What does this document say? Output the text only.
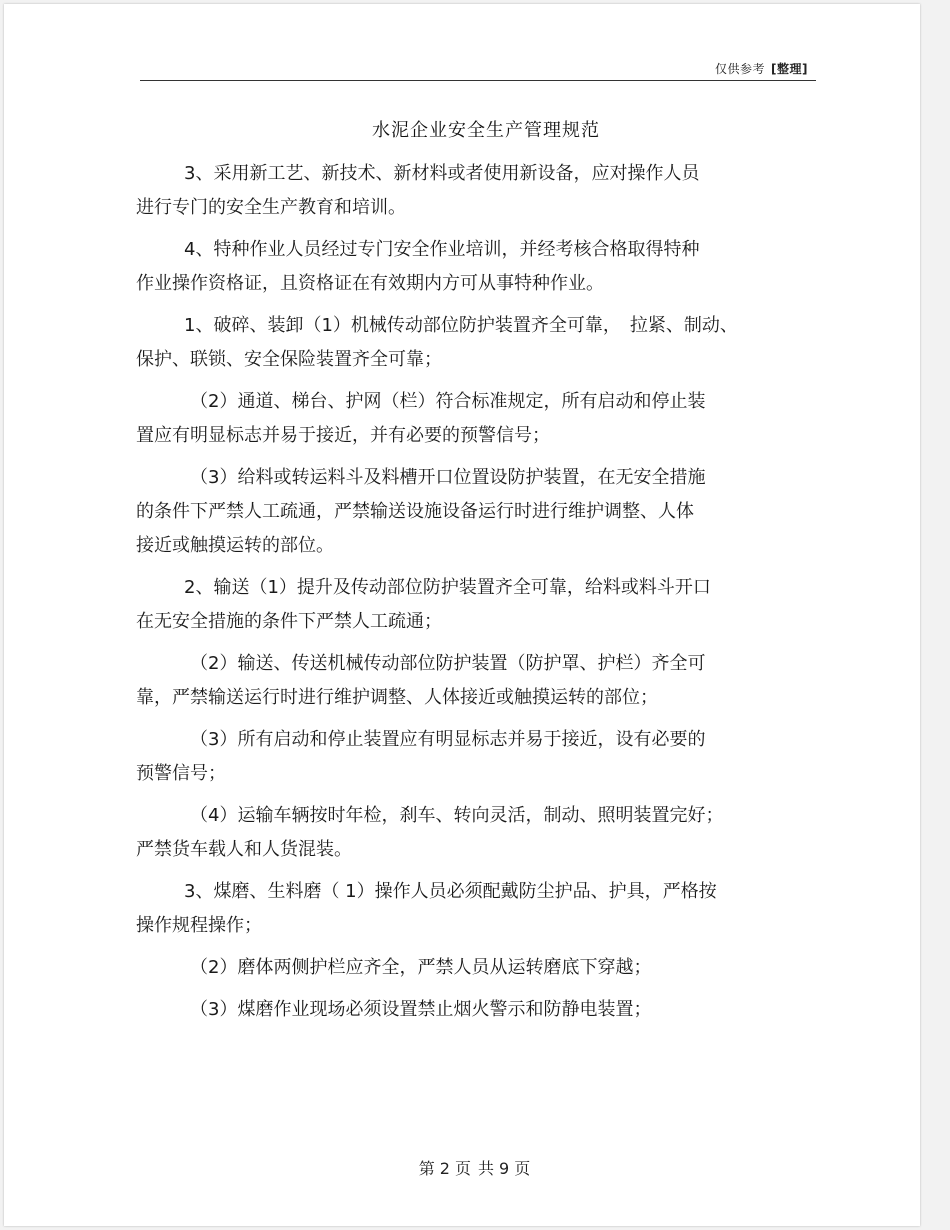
仅供参考 [整理]
水泥企业安全生产管理规范
3、采用新工艺、新技术、新材料或者使用新设备，应对操作人员
进行专门的安全生产教育和培训。
4、特种作业人员经过专门安全作业培训，并经考核合格取得特种
作业操作资格证，且资格证在有效期内方可从事特种作业。
1、破碎、装卸（1）机械传动部位防护装置齐全可靠，　拉紧、制动、
保护、联锁、安全保险装置齐全可靠；
（2）通道、梯台、护网（栏）符合标准规定，所有启动和停止装
置应有明显标志并易于接近，并有必要的预警信号；
（3）给料或转运料斗及料槽开口位置设防护装置，在无安全措施
的条件下严禁人工疏通，严禁输送设施设备运行时进行维护调整、人体
接近或触摸运转的部位。
2、输送（1）提升及传动部位防护装置齐全可靠，给料或料斗开口
在无安全措施的条件下严禁人工疏通；
（2）输送、传送机械传动部位防护装置（防护罩、护栏）齐全可
靠，严禁输送运行时进行维护调整、人体接近或触摸运转的部位；
（3）所有启动和停止装置应有明显标志并易于接近，设有必要的
预警信号；
（4）运输车辆按时年检，刹车、转向灵活，制动、照明装置完好；
严禁货车载人和人货混装。
3、煤磨、生料磨（ 1）操作人员必须配戴防尘护品、护具，严格按
操作规程操作；
（2）磨体两侧护栏应齐全，严禁人员从运转磨底下穿越；
（3）煤磨作业现场必须设置禁止烟火警示和防静电装置；
第 2 页 共 9 页
